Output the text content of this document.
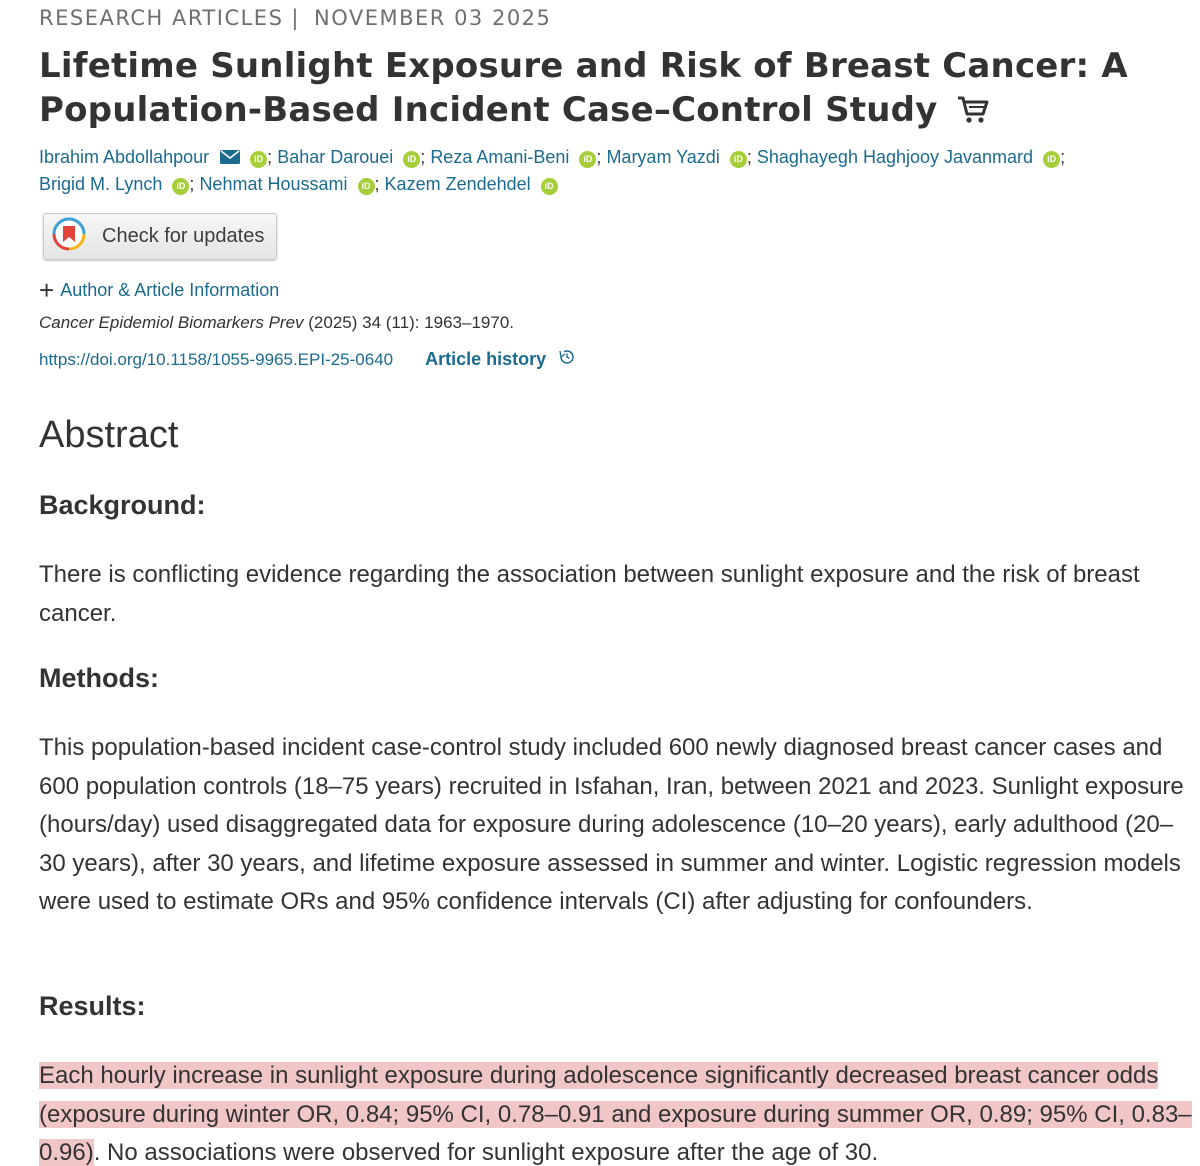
RESEARCH ARTICLES | NOVEMBER 03 2025
Lifetime Sunlight Exposure and Risk of Breast Cancer: A Population-Based Incident Case–Control Study
Ibrahim Abdollahpour	iD ; Bahar Darouei iD ; Reza Amani-Beni iD ; Maryam Yazdi iD ; Shaghayegh Haghjooy Javanmard iD ;
Brigid M. Lynch iD ; Nehmat Houssami iD ; Kazem Zendehdel iD
Check for updates
+ Author & Article Information
Cancer Epidemiol Biomarkers Prev (2025) 34 (11): 1963–1970.
https://doi.org/10.1158/1055-9965.EPI-25-0640 Article history
Abstract
Background:

There is conflicting evidence regarding the association between sunlight exposure and the risk of breast cancer.

Methods:

This population-based incident case-control study included 600 newly diagnosed breast cancer cases and 600 population controls (18–75 years) recruited in Isfahan, Iran, between 2021 and 2023. Sunlight exposure (hours/day) used disaggregated data for exposure during adolescence (10–20 years), early adulthood (20–30 years), after 30 years, and lifetime exposure assessed in summer and winter. Logistic regression models were used to estimate ORs and 95% confidence intervals (CI) after adjusting for confounders.

Results:

Each hourly increase in sunlight exposure during adolescence significantly decreased breast cancer odds (exposure during winter OR, 0.84; 95% CI, 0.78–0.91 and exposure during summer OR, 0.89; 95% CI, 0.83–0.96). No associations were observed for sunlight exposure after the age of 30.
